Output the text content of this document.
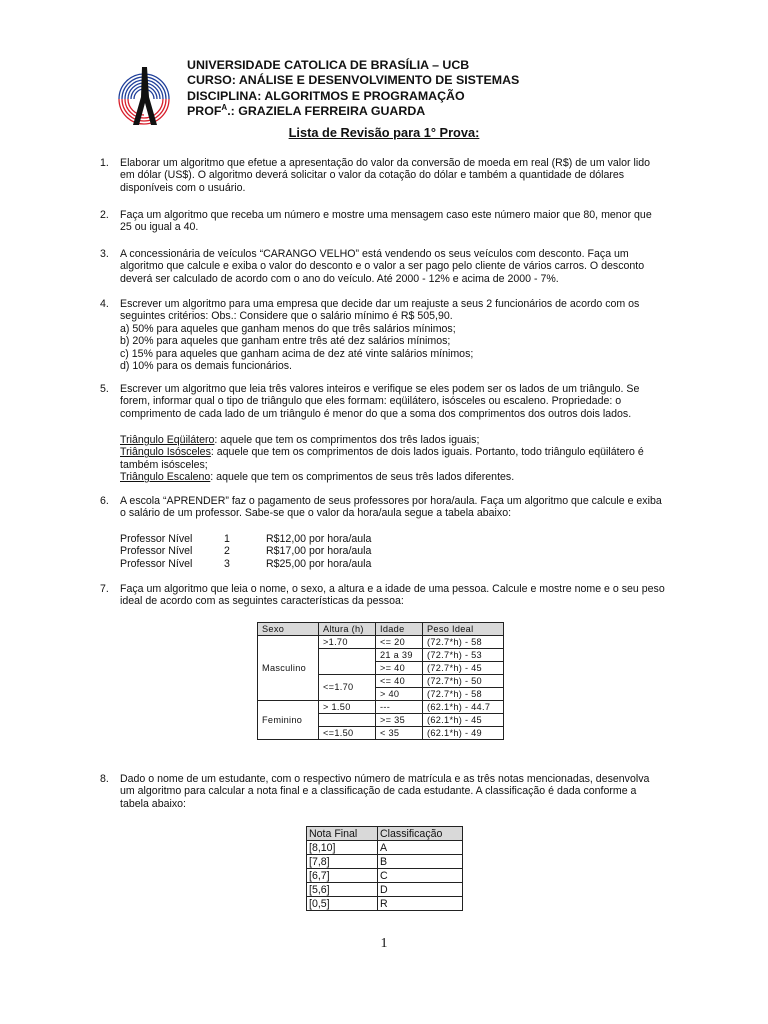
UNIVERSIDADE CATOLICA DE BRASÍLIA – UCB
CURSO: ANÁLISE E DESENVOLVIMENTO DE SISTEMAS
DISCIPLINA: ALGORITMOS E PROGRAMAÇÃO
$PROF^A$.: GRAZIELA FERREIRA GUARDA
Lista de Revisão para 1° Prova:
1. Elaborar um algoritmo que efetue a apresentação do valor da conversão de moeda em real (R$) de um valor lido
em dólar (US$). O algoritmo deverá solicitar o valor da cotação do dólar e também a quantidade de dólares
disponíveis com o usuário.
2. Faça um algoritmo que receba um número e mostre uma mensagem caso este número maior que 80, menor que
25 ou igual a 40.
3. A concessionária de veículos “CARANGO VELHO” está vendendo os seus veículos com desconto. Faça um
algoritmo que calcule e exiba o valor do desconto e o valor a ser pago pelo cliente de vários carros. O desconto
deverá ser calculado de acordo com o ano do veículo. Até 2000 - 12% e acima de 2000 - 7%.
4. Escrever um algoritmo para uma empresa que decide dar um reajuste a seus 2 funcionários de acordo com os
seguintes critérios: Obs.: Considere que o salário mínimo é R$ 505,90.
a) 50% para aqueles que ganham menos do que três salários mínimos;
b) 20% para aqueles que ganham entre três até dez salários mínimos;
c) 15% para aqueles que ganham acima de dez até vinte salários mínimos;
d) 10% para os demais funcionários.
5. Escrever um algoritmo que leia três valores inteiros e verifique se eles podem ser os lados de um triângulo. Se
forem, informar qual o tipo de triângulo que eles formam: eqüilátero, isósceles ou escaleno. Propriedade: o
comprimento de cada lado de um triângulo é menor do que a soma dos comprimentos dos outros dois lados.
Triângulo Eqüilátero: aquele que tem os comprimentos dos três lados iguais;
Triângulo Isósceles: aquele que tem os comprimentos de dois lados iguais. Portanto, todo triângulo eqüilátero é
também isósceles;
Triângulo Escaleno: aquele que tem os comprimentos de seus três lados diferentes.
6. A escola “APRENDER” faz o pagamento de seus professores por hora/aula. Faça um algoritmo que calcule e exiba
o salário de um professor. Sabe-se que o valor da hora/aula segue a tabela abaixo:
Professor Nível	1	R$12,00 por hora/aula
Professor Nível	2	R$17,00 por hora/aula
Professor Nível	3	R$25,00 por hora/aula
7. Faça um algoritmo que leia o nome, o sexo, a altura e a idade de uma pessoa. Calcule e mostre nome e o seu peso
ideal de acordo com as seguintes características da pessoa:
Sexo	Altura (h)	Idade	Peso Ideal
Masculino	>1.70	<= 20	(72.7*h) - 58
		21 a 39	(72.7*h) - 53
		>= 40	(72.7*h) - 45
	<=1.70	<= 40	(72.7*h) - 50
		> 40	(72.7*h) - 58
Feminino	> 1.50	---	(62.1*h) - 44.7
		>= 35	(62.1*h) - 45
	<=1.50	< 35	(62.1*h) - 49
8. Dado o nome de um estudante, com o respectivo número de matrícula e as três notas mencionadas, desenvolva
um algoritmo para calcular a nota final e a classificação de cada estudante. A classificação é dada conforme a
tabela abaixo:
Nota Final	Classificação
[8,10]	A
[7,8]	B
[6,7]	C
[5,6]	D
[0,5]	R
1
